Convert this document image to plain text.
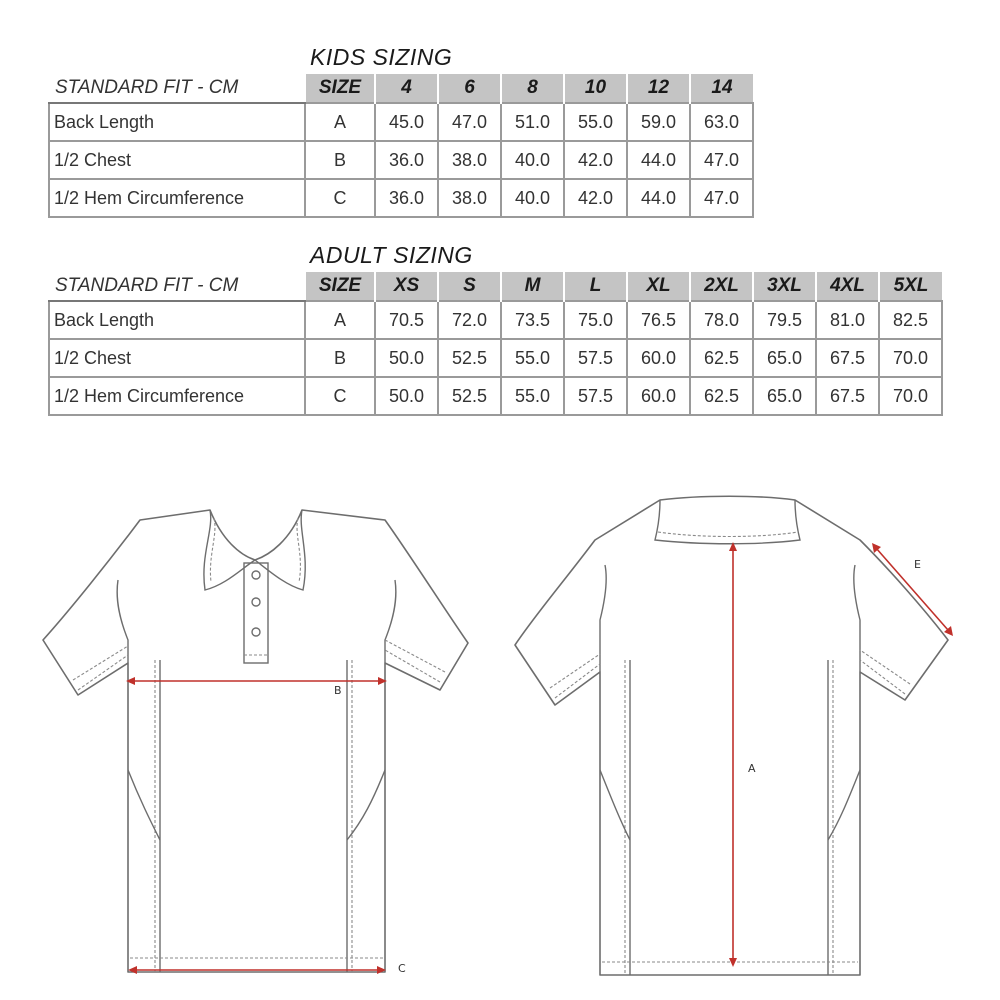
KIDS SIZING
STANDARD FIT - CM	SIZE	4	6	8	10	12	14
Back Length	A	45.0	47.0	51.0	55.0	59.0	63.0
1/2 Chest	B	36.0	38.0	40.0	42.0	44.0	47.0
1/2 Hem Circumference	C	36.0	38.0	40.0	42.0	44.0	47.0
ADULT SIZING
STANDARD FIT - CM	SIZE	XS	S	M	L	XL	2XL	3XL	4XL	5XL
Back Length	A	70.5	72.0	73.5	75.0	76.5	78.0	79.5	81.0	82.5
1/2 Chest	B	50.0	52.5	55.0	57.5	60.0	62.5	65.0	67.5	70.0
1/2 Hem Circumference	C	50.0	52.5	55.0	57.5	60.0	62.5	65.0	67.5	70.0
B
C
A
E
